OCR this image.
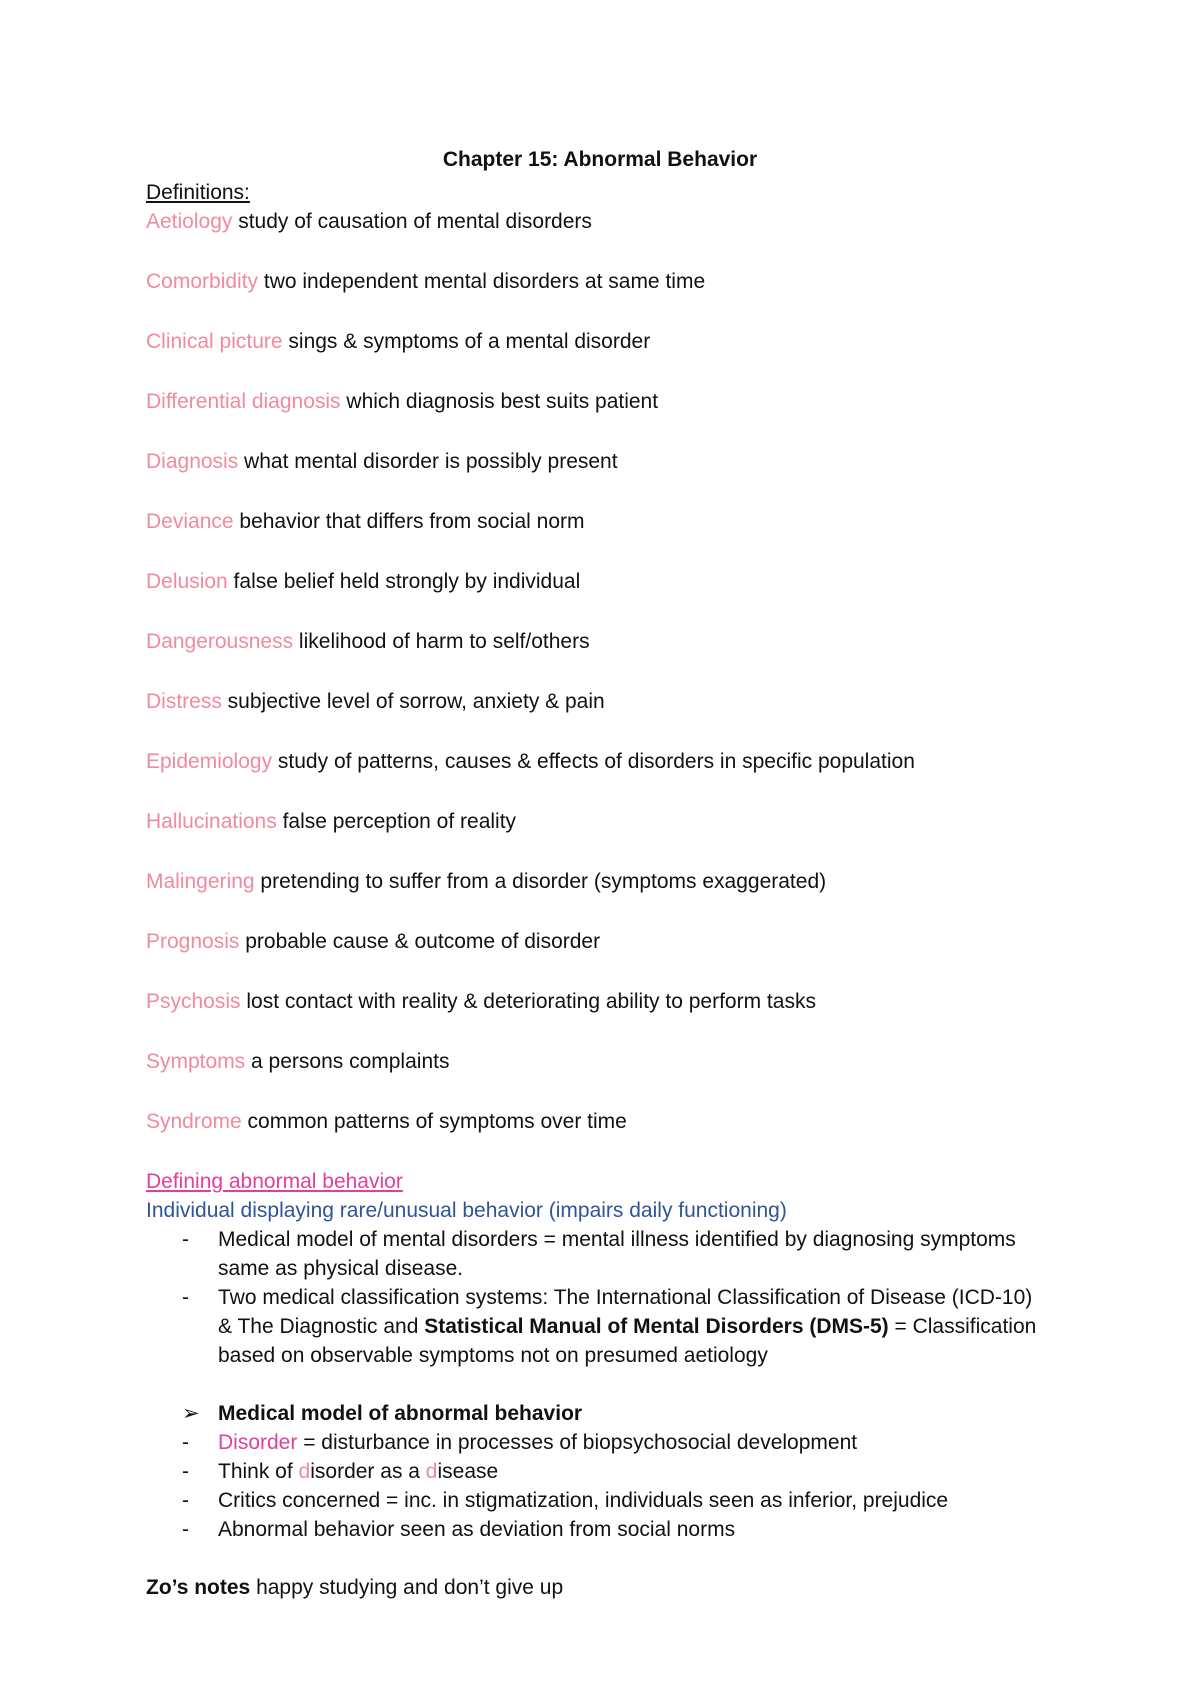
Chapter 15: Abnormal Behavior

Definitions:

Aetiology study of causation of mental disorders

Comorbidity two independent mental disorders at same time

Clinical picture sings & symptoms of a mental disorder

Differential diagnosis which diagnosis best suits patient

Diagnosis what mental disorder is possibly present

Deviance behavior that differs from social norm

Delusion false belief held strongly by individual

Dangerousness likelihood of harm to self/others

Distress subjective level of sorrow, anxiety & pain

Epidemiology study of patterns, causes & effects of disorders in specific population

Hallucinations false perception of reality

Malingering pretending to suffer from a disorder (symptoms exaggerated)

Prognosis probable cause & outcome of disorder

Psychosis lost contact with reality & deteriorating ability to perform tasks

Symptoms a persons complaints

Syndrome common patterns of symptoms over time

Defining abnormal behavior

Individual displaying rare/unusual behavior (impairs daily functioning)

- Medical model of mental disorders = mental illness identified by diagnosing symptoms same as physical disease.
- Two medical classification systems: The International Classification of Disease (ICD-10) & The Diagnostic and Statistical Manual of Mental Disorders (DMS-5) = Classification based on observable symptoms not on presumed aetiology

➢ Medical model of abnormal behavior

- Disorder = disturbance in processes of biopsychosocial development
- Think of disorder as a disease
- Critics concerned = inc. in stigmatization, individuals seen as inferior, prejudice
- Abnormal behavior seen as deviation from social norms

Zo’s notes happy studying and don’t give up
